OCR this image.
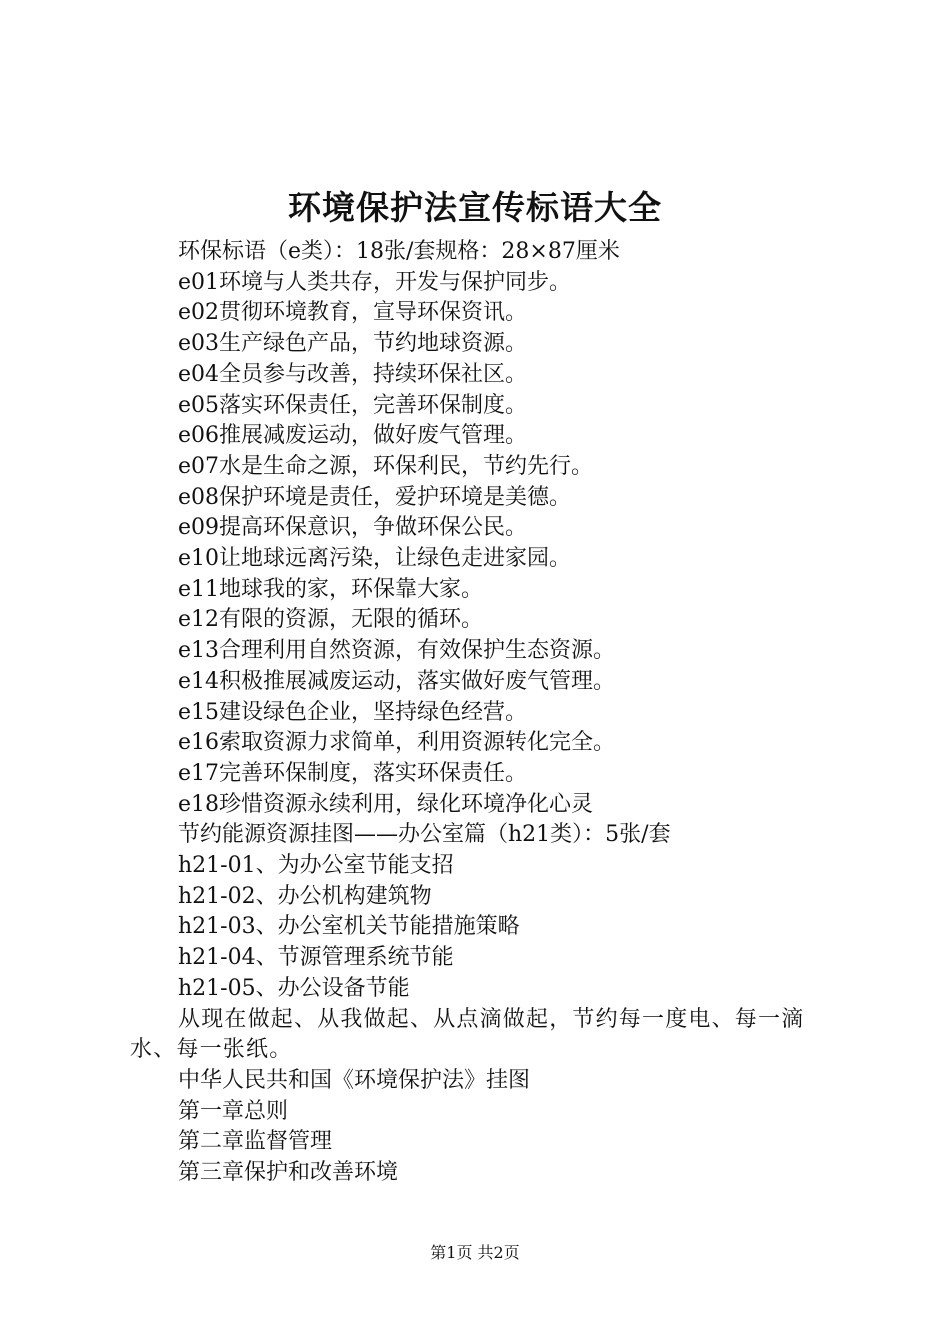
环境保护法宣传标语大全

环保标语（e类）：18张/套规格：28×87厘米

e01环境与人类共存，开发与保护同步。

e02贯彻环境教育，宣导环保资讯。

e03生产绿色产品，节约地球资源。

e04全员参与改善，持续环保社区。

e05落实环保责任，完善环保制度。

e06推展减废运动，做好废气管理。

e07水是生命之源，环保利民，节约先行。

e08保护环境是责任，爱护环境是美德。

e09提高环保意识，争做环保公民。

e10让地球远离污染，让绿色走进家园。

e11地球我的家，环保靠大家。

e12有限的资源，无限的循环。

e13合理利用自然资源，有效保护生态资源。

e14积极推展减废运动，落实做好废气管理。

e15建设绿色企业，坚持绿色经营。

e16索取资源力求简单，利用资源转化完全。

e17完善环保制度，落实环保责任。

e18珍惜资源永续利用，绿化环境净化心灵

节约能源资源挂图——办公室篇（h21类）：5张/套

h21-01、为办公室节能支招

h21-02、办公机构建筑物

h21-03、办公室机关节能措施策略

h21-04、节源管理系统节能

h21-05、办公设备节能

从现在做起、从我做起、从点滴做起，节约每一度电、每一滴水、每一张纸。

中华人民共和国《环境保护法》挂图

第一章总则

第二章监督管理

第三章保护和改善环境

第1页 共2页
